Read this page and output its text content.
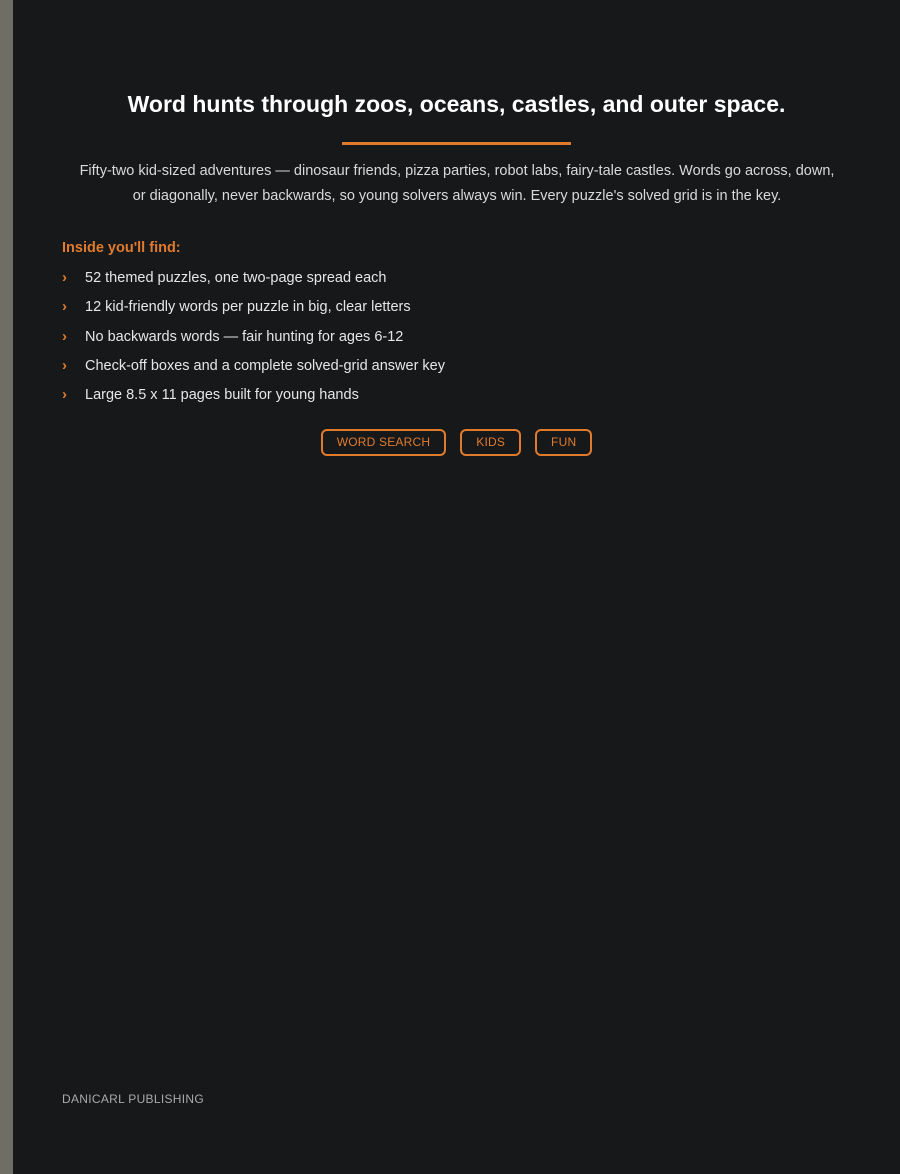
Word hunts through zoos, oceans, castles, and outer space.

Fifty-two kid-sized adventures — dinosaur friends, pizza parties, robot labs, fairy-tale castles. Words go across, down, or diagonally, never backwards, so young solvers always win. Every puzzle's solved grid is in the key.

Inside you'll find:
› 52 themed puzzles, one two-page spread each
› 12 kid-friendly words per puzzle in big, clear letters
› No backwards words — fair hunting for ages 6-12
› Check-off boxes and a complete solved-grid answer key
› Large 8.5 x 11 pages built for young hands
WORD SEARCH	KIDS	FUN

DANICARL PUBLISHING
